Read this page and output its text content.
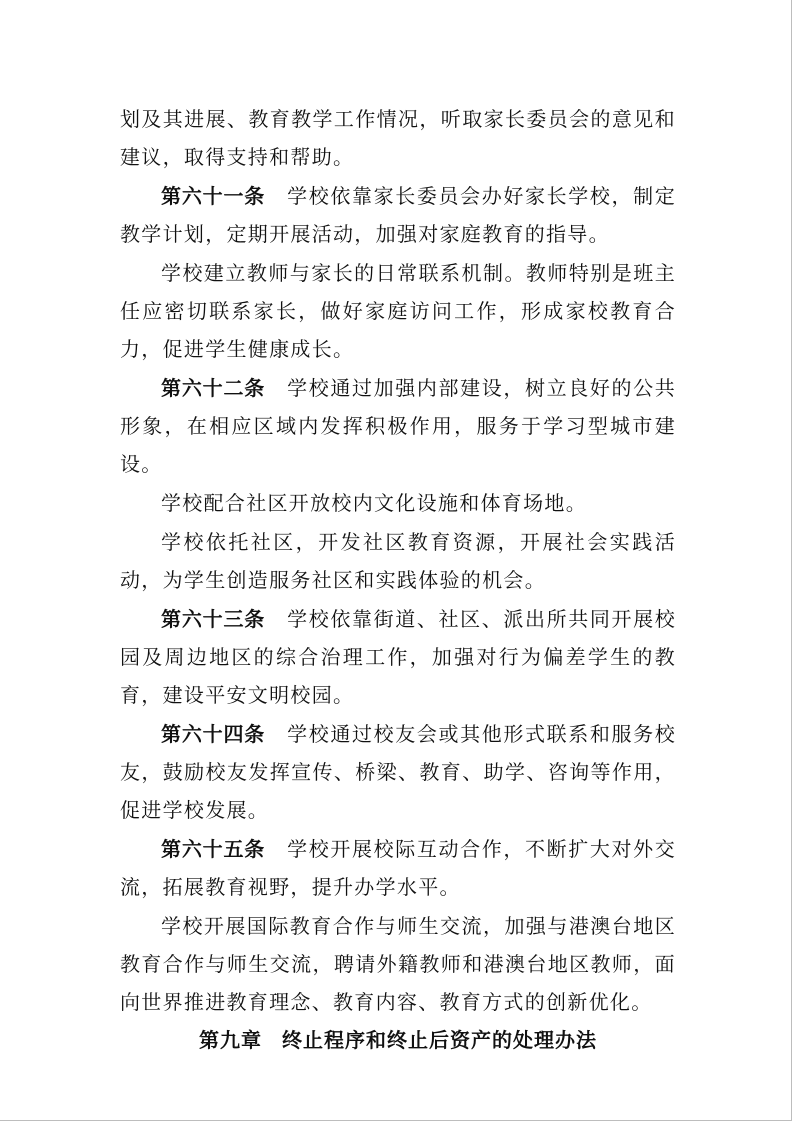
划及其进展、教育教学工作情况，听取家长委员会的意见和建议，取得支持和帮助。

第六十一条 学校依靠家长委员会办好家长学校，制定教学计划，定期开展活动，加强对家庭教育的指导。

学校建立教师与家长的日常联系机制。教师特别是班主任应密切联系家长，做好家庭访问工作，形成家校教育合力，促进学生健康成长。

第六十二条 学校通过加强内部建设，树立良好的公共形象，在相应区域内发挥积极作用，服务于学习型城市建设。

学校配合社区开放校内文化设施和体育场地。

学校依托社区，开发社区教育资源，开展社会实践活动，为学生创造服务社区和实践体验的机会。

第六十三条 学校依靠街道、社区、派出所共同开展校园及周边地区的综合治理工作，加强对行为偏差学生的教育，建设平安文明校园。

第六十四条 学校通过校友会或其他形式联系和服务校友，鼓励校友发挥宣传、桥梁、教育、助学、咨询等作用，促进学校发展。

第六十五条 学校开展校际互动合作，不断扩大对外交流，拓展教育视野，提升办学水平。

学校开展国际教育合作与师生交流，加强与港澳台地区教育合作与师生交流，聘请外籍教师和港澳台地区教师，面向世界推进教育理念、教育内容、教育方式的创新优化。

第九章 终止程序和终止后资产的处理办法
